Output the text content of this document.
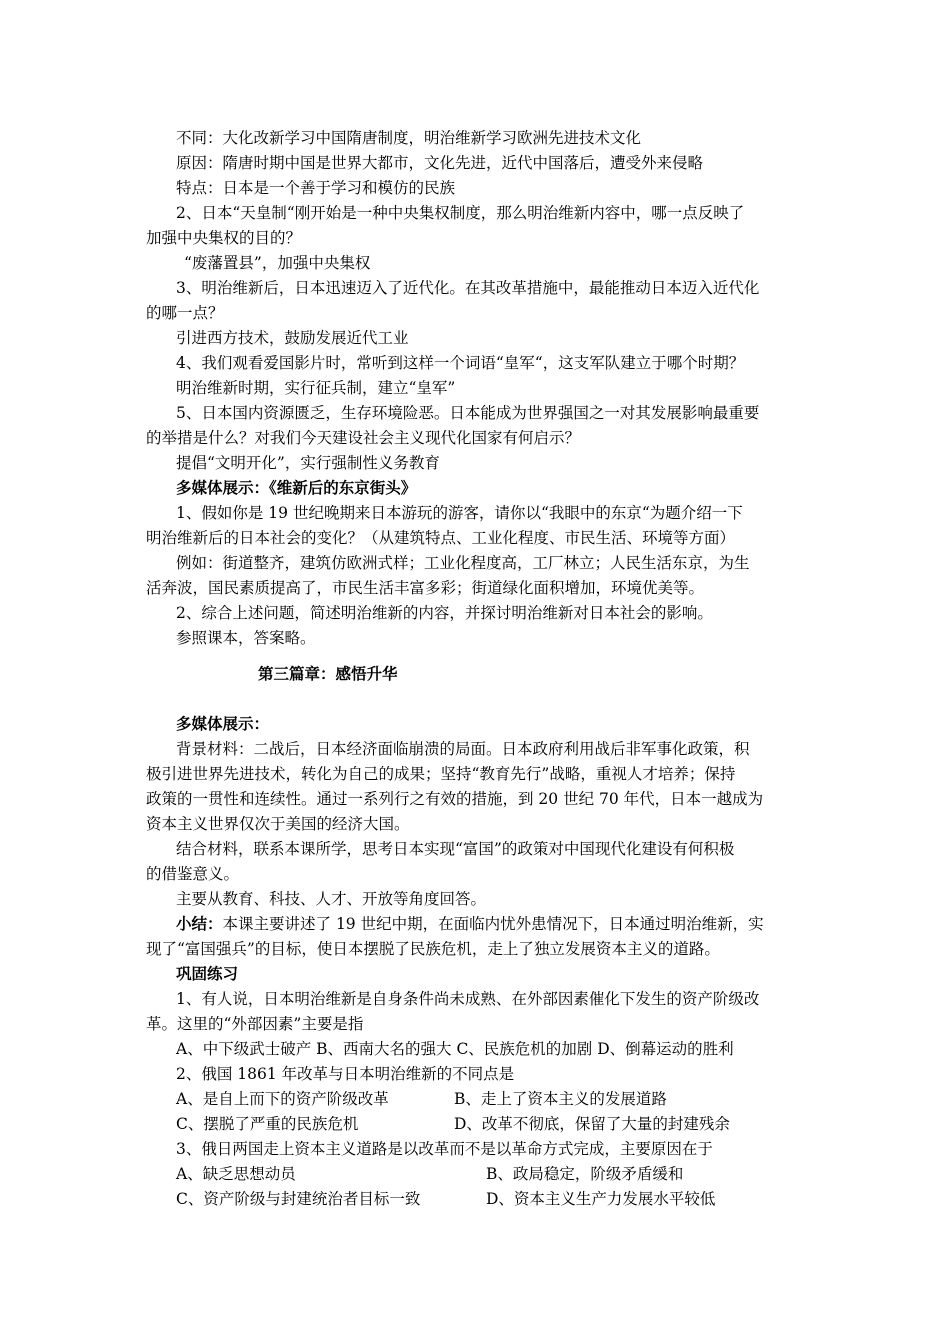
不同：大化改新学习中国隋唐制度，明治维新学习欧洲先进技术文化

原因：隋唐时期中国是世界大都市，文化先进，近代中国落后，遭受外来侵略

特点：日本是一个善于学习和模仿的民族

2、日本“天皇制“刚开始是一种中央集权制度，那么明治维新内容中，哪一点反映了

加强中央集权的目的？

“废藩置县”，加强中央集权

3、明治维新后，日本迅速迈入了近代化。在其改革措施中，最能推动日本迈入近代化

的哪一点？

引进西方技术，鼓励发展近代工业

4、我们观看爱国影片时，常听到这样一个词语“皇军“，这支军队建立于哪个时期？

明治维新时期，实行征兵制，建立“皇军”

5、日本国内资源匮乏，生存环境险恶。日本能成为世界强国之一对其发展影响最重要

的举措是什么？对我们今天建设社会主义现代化国家有何启示？

提倡“文明开化”，实行强制性义务教育

多媒体展示：《维新后的东京街头》

1、假如你是 19 世纪晚期来日本游玩的游客，请你以“我眼中的东京“为题介绍一下

明治维新后的日本社会的变化？（从建筑特点、工业化程度、市民生活、环境等方面）

例如：街道整齐，建筑仿欧洲式样；工业化程度高，工厂林立；人民生活东京，为生

活奔波，国民素质提高了，市民生活丰富多彩；街道绿化面积增加，环境优美等。

2、综合上述问题，简述明治维新的内容，并探讨明治维新对日本社会的影响。

参照课本，答案略。

第三篇章：感悟升华

多媒体展示：

背景材料：二战后，日本经济面临崩溃的局面。日本政府利用战后非军事化政策，积

极引进世界先进技术，转化为自己的成果；坚持“教育先行”战略，重视人才培养；保持

政策的一贯性和连续性。通过一系列行之有效的措施，到 20 世纪 70 年代，日本一越成为

资本主义世界仅次于美国的经济大国。

结合材料，联系本课所学，思考日本实现“富国”的政策对中国现代化建设有何积极

的借鉴意义。

主要从教育、科技、人才、开放等角度回答。

小结：本课主要讲述了 19 世纪中期，在面临内忧外患情况下，日本通过明治维新，实

现了“富国强兵”的目标，使日本摆脱了民族危机，走上了独立发展资本主义的道路。

巩固练习

1、有人说，日本明治维新是自身条件尚未成熟、在外部因素催化下发生的资产阶级改

革。这里的“外部因素”主要是指

A、中下级武士破产 B、西南大名的强大 C、民族危机的加剧 D、倒幕运动的胜利

2、俄国 1861 年改革与日本明治维新的不同点是

A、是自上而下的资产阶级改革	B、走上了资本主义的发展道路

C、摆脱了严重的民族危机	D、改革不彻底，保留了大量的封建残余

3、俄日两国走上资本主义道路是以改革而不是以革命方式完成，主要原因在于

A、缺乏思想动员	B、政局稳定，阶级矛盾缓和

C、资产阶级与封建统治者目标一致	D、资本主义生产力发展水平较低
